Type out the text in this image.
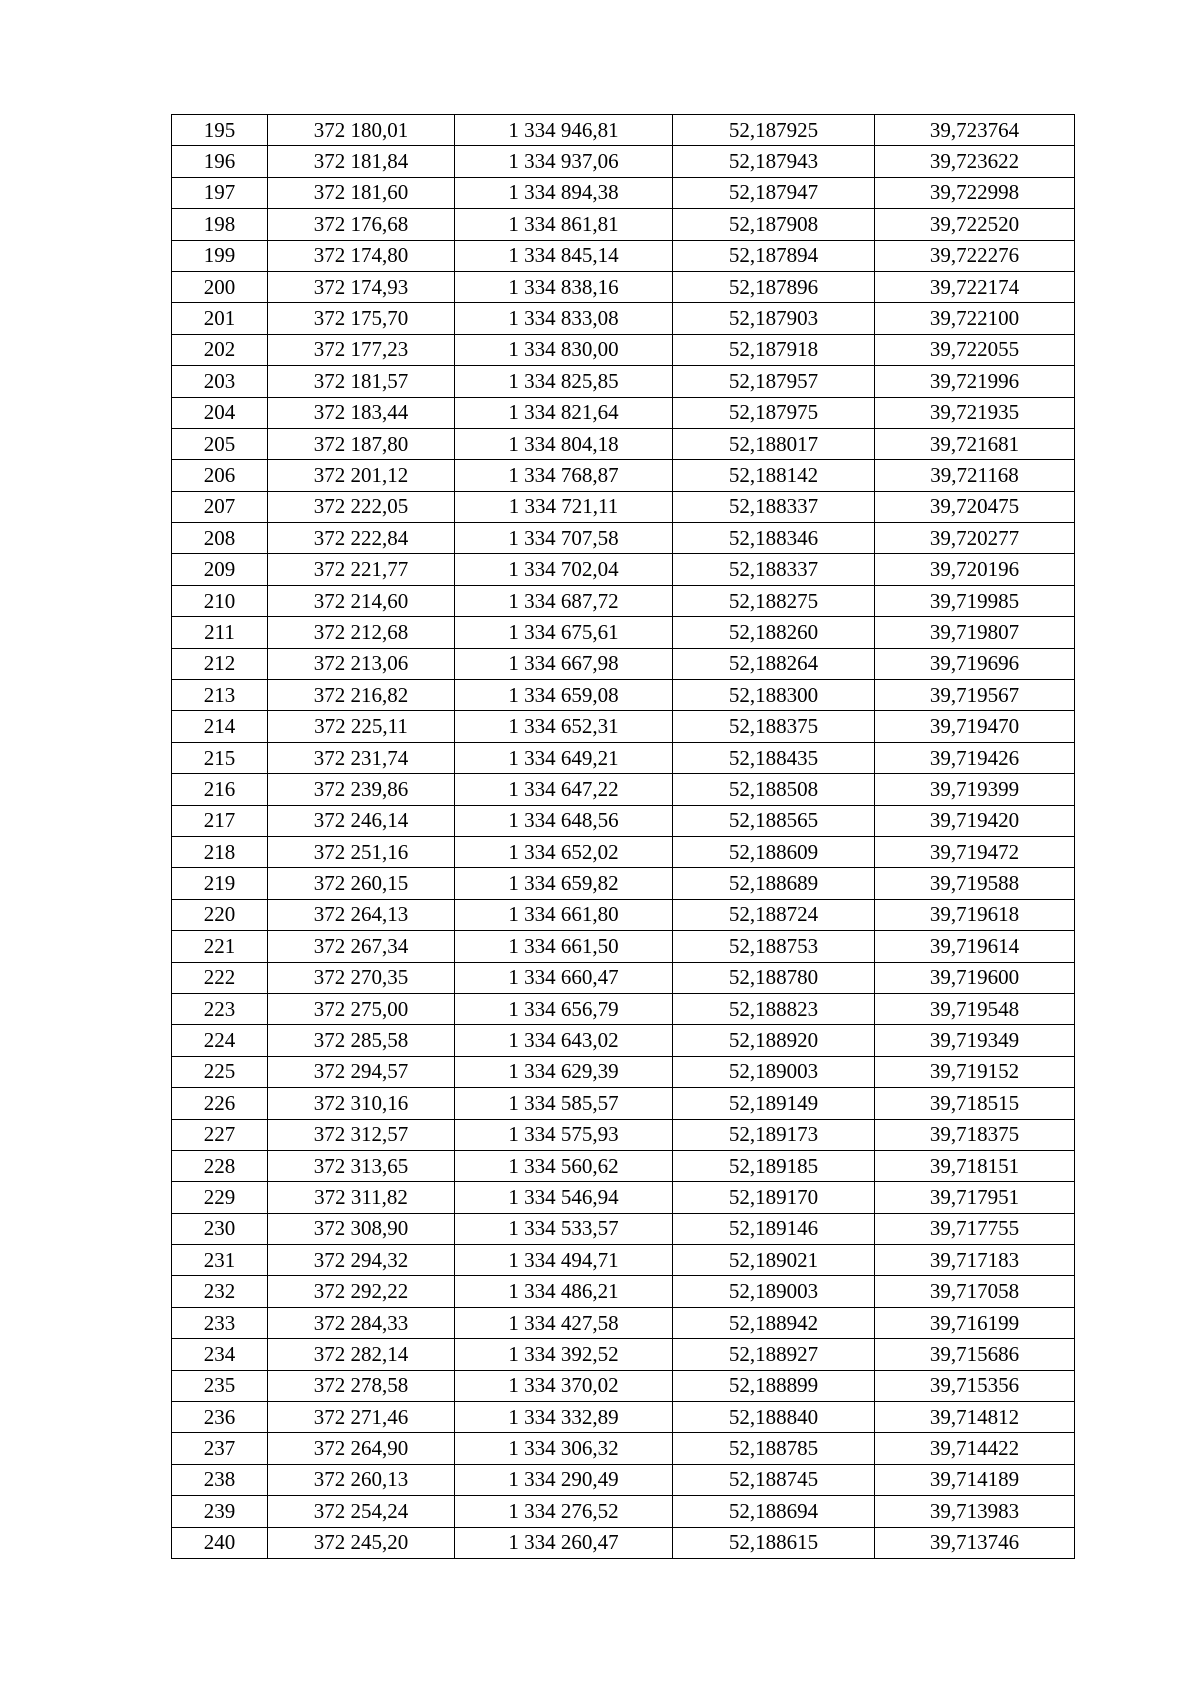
195	372 180,01	1 334 946,81	52,187925	39,723764
196	372 181,84	1 334 937,06	52,187943	39,723622
197	372 181,60	1 334 894,38	52,187947	39,722998
198	372 176,68	1 334 861,81	52,187908	39,722520
199	372 174,80	1 334 845,14	52,187894	39,722276
200	372 174,93	1 334 838,16	52,187896	39,722174
201	372 175,70	1 334 833,08	52,187903	39,722100
202	372 177,23	1 334 830,00	52,187918	39,722055
203	372 181,57	1 334 825,85	52,187957	39,721996
204	372 183,44	1 334 821,64	52,187975	39,721935
205	372 187,80	1 334 804,18	52,188017	39,721681
206	372 201,12	1 334 768,87	52,188142	39,721168
207	372 222,05	1 334 721,11	52,188337	39,720475
208	372 222,84	1 334 707,58	52,188346	39,720277
209	372 221,77	1 334 702,04	52,188337	39,720196
210	372 214,60	1 334 687,72	52,188275	39,719985
211	372 212,68	1 334 675,61	52,188260	39,719807
212	372 213,06	1 334 667,98	52,188264	39,719696
213	372 216,82	1 334 659,08	52,188300	39,719567
214	372 225,11	1 334 652,31	52,188375	39,719470
215	372 231,74	1 334 649,21	52,188435	39,719426
216	372 239,86	1 334 647,22	52,188508	39,719399
217	372 246,14	1 334 648,56	52,188565	39,719420
218	372 251,16	1 334 652,02	52,188609	39,719472
219	372 260,15	1 334 659,82	52,188689	39,719588
220	372 264,13	1 334 661,80	52,188724	39,719618
221	372 267,34	1 334 661,50	52,188753	39,719614
222	372 270,35	1 334 660,47	52,188780	39,719600
223	372 275,00	1 334 656,79	52,188823	39,719548
224	372 285,58	1 334 643,02	52,188920	39,719349
225	372 294,57	1 334 629,39	52,189003	39,719152
226	372 310,16	1 334 585,57	52,189149	39,718515
227	372 312,57	1 334 575,93	52,189173	39,718375
228	372 313,65	1 334 560,62	52,189185	39,718151
229	372 311,82	1 334 546,94	52,189170	39,717951
230	372 308,90	1 334 533,57	52,189146	39,717755
231	372 294,32	1 334 494,71	52,189021	39,717183
232	372 292,22	1 334 486,21	52,189003	39,717058
233	372 284,33	1 334 427,58	52,188942	39,716199
234	372 282,14	1 334 392,52	52,188927	39,715686
235	372 278,58	1 334 370,02	52,188899	39,715356
236	372 271,46	1 334 332,89	52,188840	39,714812
237	372 264,90	1 334 306,32	52,188785	39,714422
238	372 260,13	1 334 290,49	52,188745	39,714189
239	372 254,24	1 334 276,52	52,188694	39,713983
240	372 245,20	1 334 260,47	52,188615	39,713746
